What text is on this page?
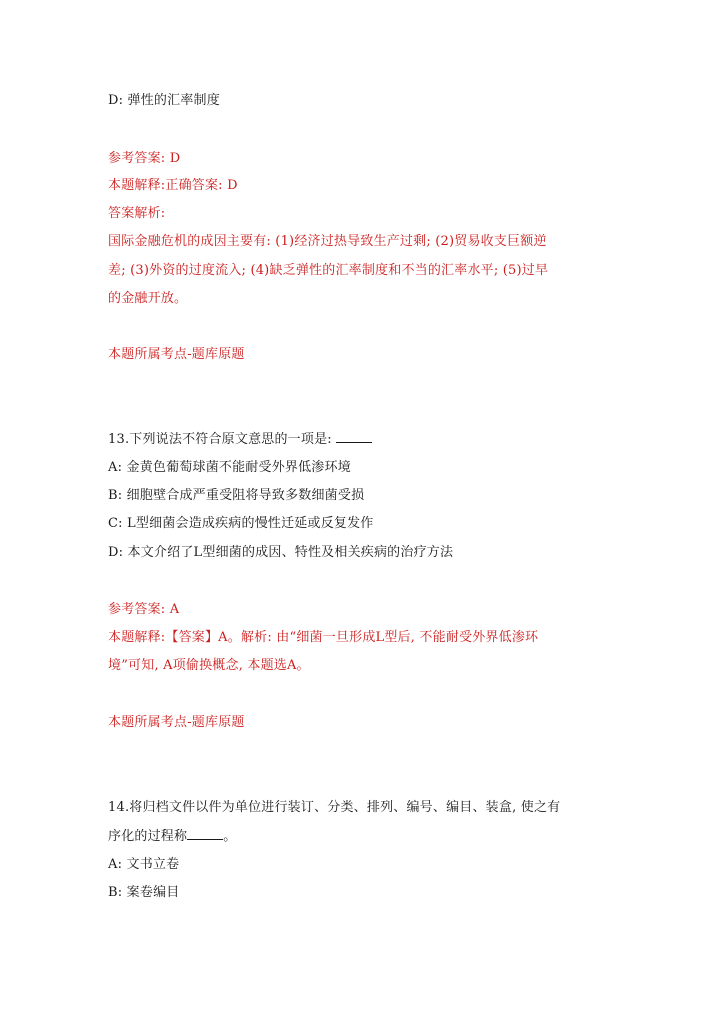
D: 弹性的汇率制度
参考答案: D
本题解释:正确答案: D
答案解析:
国际金融危机的成因主要有: (1)经济过热导致生产过剩; (2)贸易收支巨额逆
差; (3)外资的过度流入; (4)缺乏弹性的汇率制度和不当的汇率水平; (5)过早
的金融开放。
本题所属考点-题库原题
13.下列说法不符合原文意思的一项是:
A: 金黄色葡萄球菌不能耐受外界低渗环境
B: 细胞壁合成严重受阻将导致多数细菌受损
C: L型细菌会造成疾病的慢性迁延或反复发作
D: 本文介绍了L型细菌的成因、特性及相关疾病的治疗方法
参考答案: A
本题解释:【答案】A。解析: 由“细菌一旦形成L型后, 不能耐受外界低渗环
境”可知, A项偷换概念, 本题选A。
本题所属考点-题库原题
14.将归档文件以件为单位进行装订、分类、排列、编号、编目、装盒, 使之有
序化的过程称	。
A: 文书立卷
B: 案卷编目
